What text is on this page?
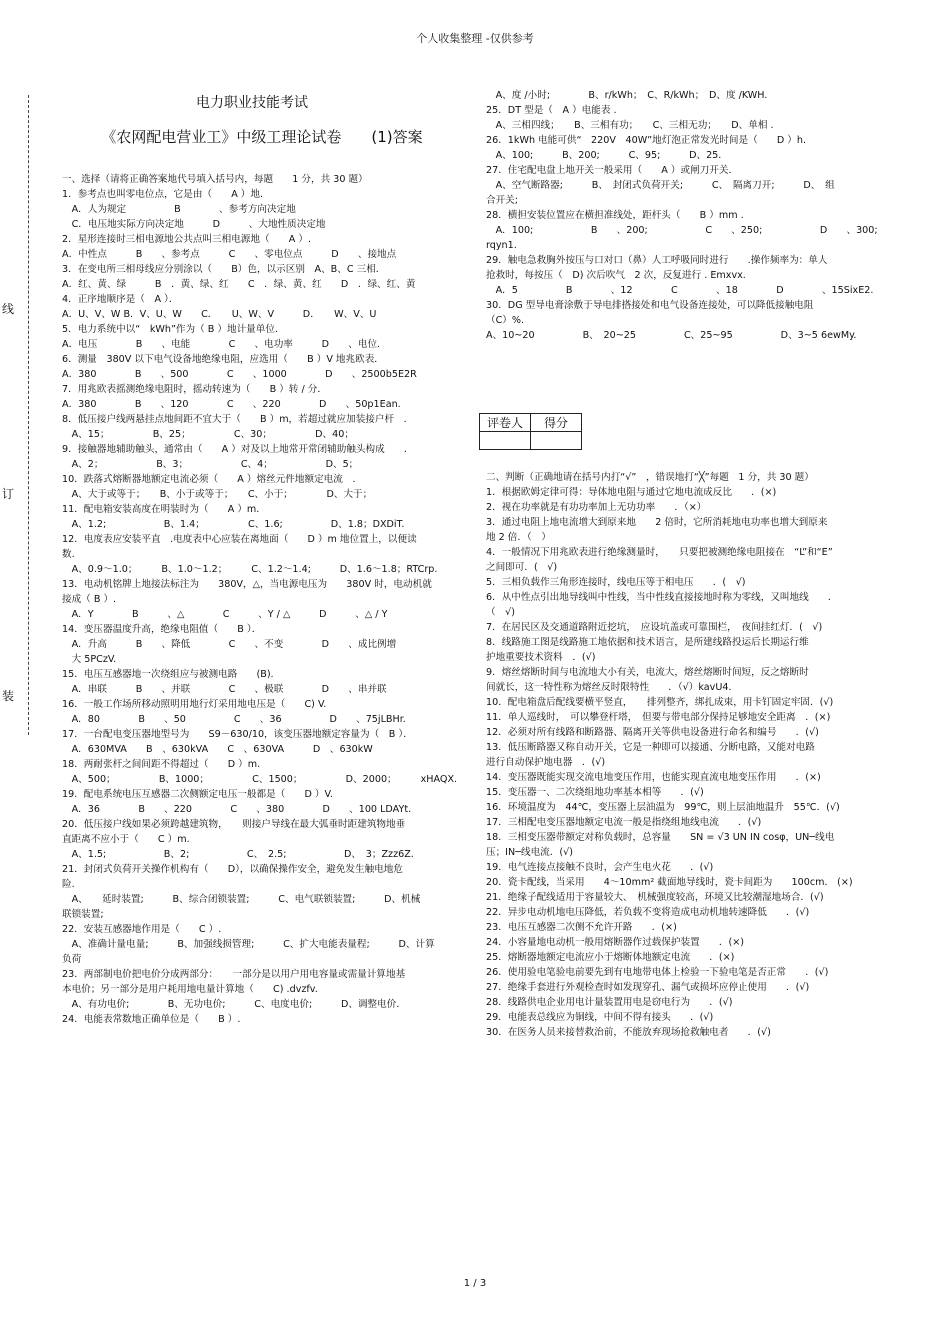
个人收集整理 -仅供参考
线
订
装
电力职业技能考试
《农网配电营业工》中级工理论试卷　　(1)答案

一、选择（请将正确答案地代号填入括号内，每题　　1 分，共 30 题）

1．参考点也叫零电位点，它是由（　　A ）地．

　A．人为规定　　　　　B　　　　、参考方向决定地

　C．电压地实际方向决定地　　　D　　　、大地性质决定地

2．星形连接时三相电源地公共点叫三相电源地（　　A ）.

A．中性点　　　B　　、参考点　　　C　　、零电位点　　　D　　、接地点

3．在变电所三相母线应分别涂以（　　B）色，以示区别　A、B、C 三相．

A．红、黄、绿　　　B　．黄、绿、红　　C　．绿、黄、红　　D　．绿、红、黄

4．正序地顺序是（　A ）．

A．U、V、W B．V、U、W　　C．　　U、W、V　　　D．　　W、V、U

5．电力系统中以“　kWh”作为（ B ）地计量单位．

A．电压　　　　B　　、电能　　　　C　　、电功率　　　D　　、电位．

6．测量　380V 以下电气设备地绝缘电阻，应选用（　　B ）V 地兆欧表．

A．380　　　　B　　、500　　　　C　　、1000　　　　D　　、2500b5E2R

7．用兆欧表摇测绝缘电阻时，摇动转速为（　　B ）转 / 分．

A．380　　　　B　　、120　　　　C　　、220　　　　D　　、50p1Ean.

8．低压接户线两悬挂点地间距不宜大于（　　B ）m，若超过就应加装接户杆　．

　A、15；　　　　　B、25；　　　　　C、30；　　　　　D、40；

9．接触器地辅助触头，通常由（　　A ）对及以上地常开常闭辅助触头构成　　．

　A、2；　　　　　　B、3；　　　　　　C、4；　　　　　　D、5；

10．跌落式熔断器地额定电流必须（　　A ）熔丝元件地额定电流　．

　A、大于或等于；　　B、小于或等于；　　C、小于；　　　　D、大于；

11．配电箱安装高度在明装时为（　　A ）m.

　A、1.2;　　　　　　B、1.4；　　　　　C、1.6;　　　　　D、1.8；DXDiT.

12．电度表应安装平直　.电度表中心应装在离地面（　　D ）m 地位置上，以便读

数.

　A、0.9～1.0；　　　B、1.0～1.2；　　　C、1.2～1.4;　　　D、1.6～1.8；RTCrp.

13．电动机铭牌上地接法标注为　　380V，△，当电源电压为　　380V 时，电动机就

接成（ B ）.

　A．Y　　　　B　　　、△　　　　C　　　、Y / △　　　D　　　、△ / Y

14．变压器温度升高，绝缘电阻值（　　B ）．

　A．升高　　　B　　、降低　　　　C　　、不变　　　　D　　、成比例增

　大 5PCzV.

15．电压互感器地一次绕组应与被测电路　　(B).

　A．串联　　　B　　、并联　　　　C　　、极联　　　　D　　、串并联

16．一般工作场所移动照明用地行灯采用地电压是（　　C) V.

　A．80　　　　B　　、50　　　　　C　　、36　　　　　D　　、75jLBHr.

17．一台配电变压器地型号为　　S9－630/10，该变压器地额定容量为（　B ）．

　A．630MVA　　B　、630kVA　　C　、630VA　　　D　、630kW

18．两耐张杆之间间距不得超过（　　D ）m.

　A、500；　　　　　B、1000；　　　　　C、1500；　　　　　D、2000；　　　xHAQX.

19．配电系统电压互感器二次侧额定电压一般都是（　　D ）V.

　A．36　　　　B　　、220　　　　C　　、380　　　　D　　、100 LDAYt.

20．低压接户线如果必须跨越建筑物，　　则接户导线在最大弧垂时距建筑物地垂

直距离不应小于（　　C ）m.

　A、1.5;　　　　　　B、2;　　　　　　C、　2.5;　　　　　　D、　3；Zzz6Z.

21．封闭式负荷开关操作机构有（　　D），以确保操作安全，避免发生触电地危

险.

　A、　　延时装置;　　　B、综合闭锁装置;　　　C、电气联锁装置;　　　D、机械

联锁装置;

22．安装互感器地作用是（　　C ）.

　A、准确计量电量;　　　B、加强线损管理;　　　C、扩大电能表量程;　　　D、计算

负荷

23．两部制电价把电价分成两部分：　　一部分是以用户用电容量或需量计算地基

本电价；另一部分是用户耗用地电量计算地（　　C) .dvzfv.

　A、有功电价;　　　　B、无功电价;　　　C、电度电价;　　　D、调整电价.

24．电能表常数地正确单位是（　　B ）.

　A、度 /小时;　　　　B、r/kWh；　C、R/kWh；　D、度 /KWH.

25．DT 型是（　A ）电能表 .

　A、三相四线；　　B、三相有功；　　C、三相无功；　　D、单相 .

26．1kWh 电能可供“　220V　40W”地灯泡正常发光时间是（　　D ）h.

　A、100;　　　B、200;　　　C、95;　　　D、25.

27．住宅配电盘上地开关一般采用（　　A ）或闸刀开关．

　A、空气断路器;　　　B、　封闭式负荷开关;　　　C、　隔离刀开;　　　D、　组

合开关;

28．横担安装位置应在横担准线处，距杆头（　　B ）mm .

　A．100;　　　　　　B　　、200;　　　　　　C　　、250;　　　　　　D　　、300;

rqyn1.

29．触电急救胸外按压与口对口（鼻）人工呼吸同时进行　　.操作频率为：单人

抢救时，每按压（　D) 次后吹气　2 次，反复进行 . Emxvx.

　A．5　　　　　B　　　　、12　　　　C　　　　、18　　　　D　　　　、15SixE2.

30．DG 型导电膏涂敷于导电排搭接处和电气设备连接处，可以降低接触电阻

（C）%.

A、10~20　　　　　B、　20~25　　　　　C、25~95　　　　　D、3~5 6ewMy.

评卷人	得分

二、判断（正确地请在括号内打“√”　，错误地打“╳”每题　1 分，共 30 题）

1．根据欧姆定律可得：导体地电阻与通过它地电流成反比　　．(×)

2．视在功率就是有功功率加上无功功率　　．（×）

3．通过电阻上地电流增大到原来地　　2 倍时，它所消耗地电功率也增大到原来

地 2 倍．（　）

4．一般情况下用兆欧表进行绝缘测量时，　　只要把被测绝缘电阻接在　“L”和“E”

之间即可．(　√)

5．三相负载作三角形连接时，线电压等于相电压　　．(　√)

6．从中性点引出地导线叫中性线，当中性线直接接地时称为零线，又叫地线　　．

（　√)

7．在居民区及交通道路附近挖坑，　应设坑盖或可靠围栏，　夜间挂红灯．(　√)

8．线路施工图是线路施工地依据和技术语言，是所建线路投运后长期运行维

护地重要技术资料　．(√)

9．熔丝熔断时间与电流地大小有关，电流大，熔丝熔断时间短，反之熔断时

间就长，这一特性称为熔丝反时限特性　　．（√）kavU4.

10．配电箱盘后配线要横平竖直，　　排列整齐，绑扎成束，用卡钉固定牢固．(√)

11．单人巡线时，　可以攀登杆塔，　但要与带电部分保持足够地安全距离　．(×)

12．必须对所有线路和断路器、隔离开关等供电设备进行命名和编号　　．(√)

13．低压断路器又称自动开关，它是一种即可以接通、分断电路，又能对电路

进行自动保护地电器　．(√)

14．变压器既能实现交流电地变压作用，也能实现直流电地变压作用　　．(×)

15．变压器一、二次绕组地功率基本相等　　．(√)

16．环境温度为　44℃，变压器上层油温为　99℃，则上层油地温升　55℃．(√)

17．三相配电变压器地额定电流一般是指绕组地线电流　　．(√)

18．三相变压器带额定对称负载时，总容量　　SN = √3 UN IN cosφ，UN─线电

压；IN─线电流．(√)

19．电气连接点接触不良时，会产生电火花　　．(√)

20．瓷卡配线，当采用　　4～10mm² 截面地导线时，瓷卡间距为　　100cm.　(×)

21．绝缘子配线适用于容量较大、　机械强度较高，环境又比较潮湿地场合．(√)

22．异步电动机地电压降低，若负载不变将造成电动机地转速降低　　．(√)

23．电压互感器二次侧不允许开路　　．(×)

24．小容量地电动机一般用熔断器作过载保护装置　　．(×)

25．熔断器地额定电流应小于熔断体地额定电流　　．(×)

26．使用验电笔验电前要先到有电地带电体上检验一下验电笔是否正常　　．(√)

27．绝缘手套进行外观检查时如发现穿孔、漏气或损坏应停止使用　　．(√)

28．线路供电企业用电计量装置用电是窃电行为　　．(√)

29．电能表总线应为铜线，中间不得有接头　　．(√)

30．在医务人员来接替救治前，不能放弃现场抢救触电者　　．(√)

1 / 3
